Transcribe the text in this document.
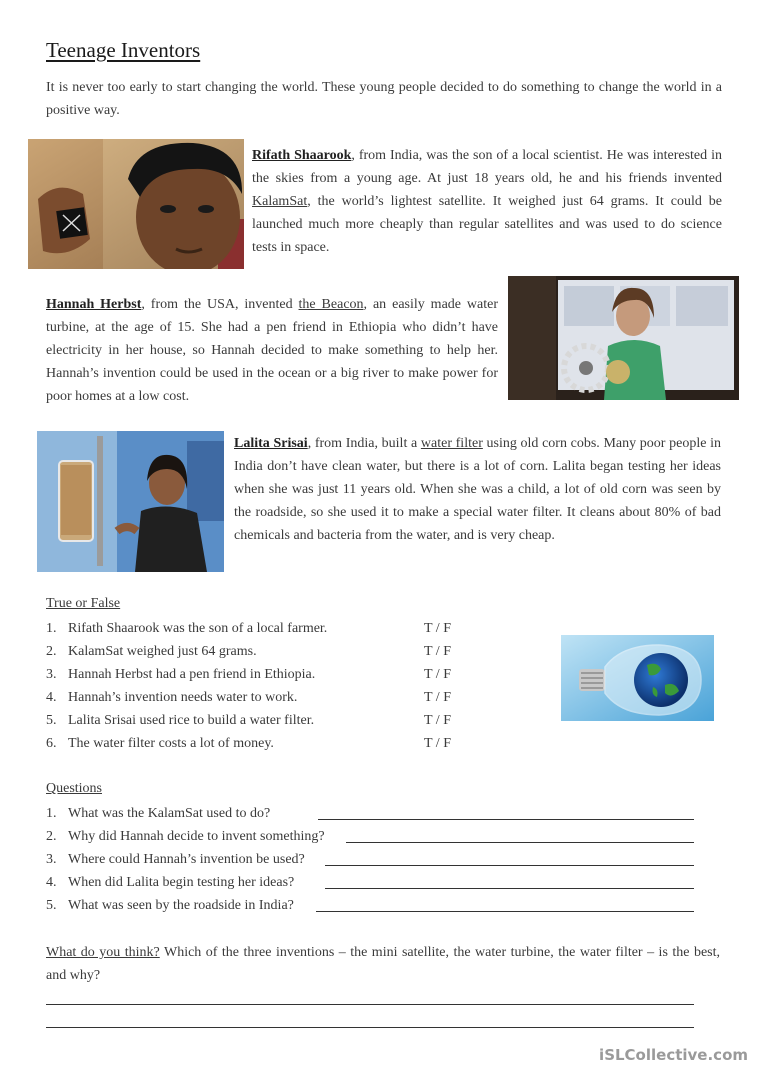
Teenage Inventors

It is never too early to start changing the world. These young people decided to do something to change the world in a positive way.

Rifath Shaarook, from India, was the son of a local scientist. He was interested in the skies from a young age. At just 18 years old, he and his friends invented KalamSat, the world’s lightest satellite. It weighed just 64 grams. It could be launched much more cheaply than regular satellites and was used to do science tests in space.

Hannah Herbst, from the USA, invented the Beacon, an easily made water turbine, at the age of 15. She had a pen friend in Ethiopia who didn’t have electricity in her house, so Hannah decided to make something to help her. Hannah’s invention could be used in the ocean or a big river to make power for poor homes at a low cost.

Lalita Srisai, from India, built a water filter using old corn cobs. Many poor people in India don’t have clean water, but there is a lot of corn. Lalita began testing her ideas when she was just 11 years old. When she was a child, a lot of old corn was seen by the roadside, so she used it to make a special water filter. It cleans about 80% of bad chemicals and bacteria from the water, and is very cheap.

True or False
1. Rifath Shaarook was the son of a local farmer.	T / F
2. KalamSat weighed just 64 grams.	T / F
3. Hannah Herbst had a pen friend in Ethiopia.	T / F
4. Hannah’s invention needs water to work.	T / F
5. Lalita Srisai used rice to build a water filter.	T / F
6. The water filter costs a lot of money.	T / F
Questions
1. What was the KalamSat used to do?
2. Why did Hannah decide to invent something?
3. Where could Hannah’s invention be used?
4. When did Lalita begin testing her ideas?
5. What was seen by the roadside in India?

What do you think? Which of the three inventions – the mini satellite, the water turbine, the water filter – is the best, and why?

iSLCollective.com
